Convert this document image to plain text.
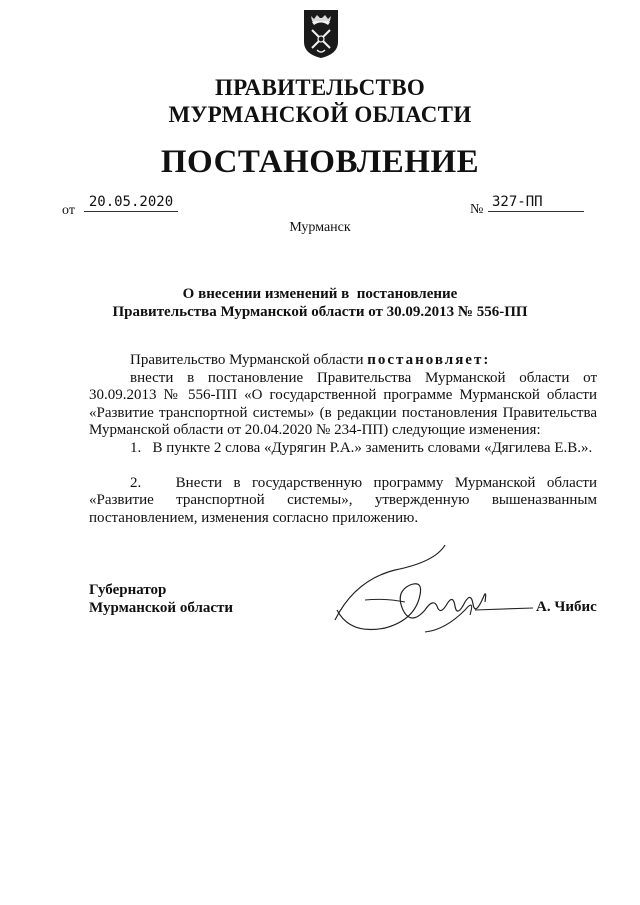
ПРАВИТЕЛЬСТВО
МУРМАНСКОЙ ОБЛАСТИ
ПОСТАНОВЛЕНИЕ
от
20.05.2020	№ 327-ПП
Мурманск
О внесении изменений в  постановление
Правительства Мурманской области от 30.09.2013 № 556-ПП
Правительство Мурманской области постановляет:
внести в постановление Правительства Мурманской области от 30.09.2013 № 556-ПП «О государственной программе Мурманской области «Развитие транспортной системы» (в редакции постановления Правительства Мурманской области от 20.04.2020 № 234-ПП) следующие изменения:
1.   В пункте 2 слова «Дурягин Р.А.» заменить словами «Дягилева Е.В.».
2.   Внести в государственную программу Мурманской области «Развитие транспортной системы», утвержденную вышеназванным постановлением, изменения согласно приложению.
Губернатор
Мурманской области	А. Чибис
